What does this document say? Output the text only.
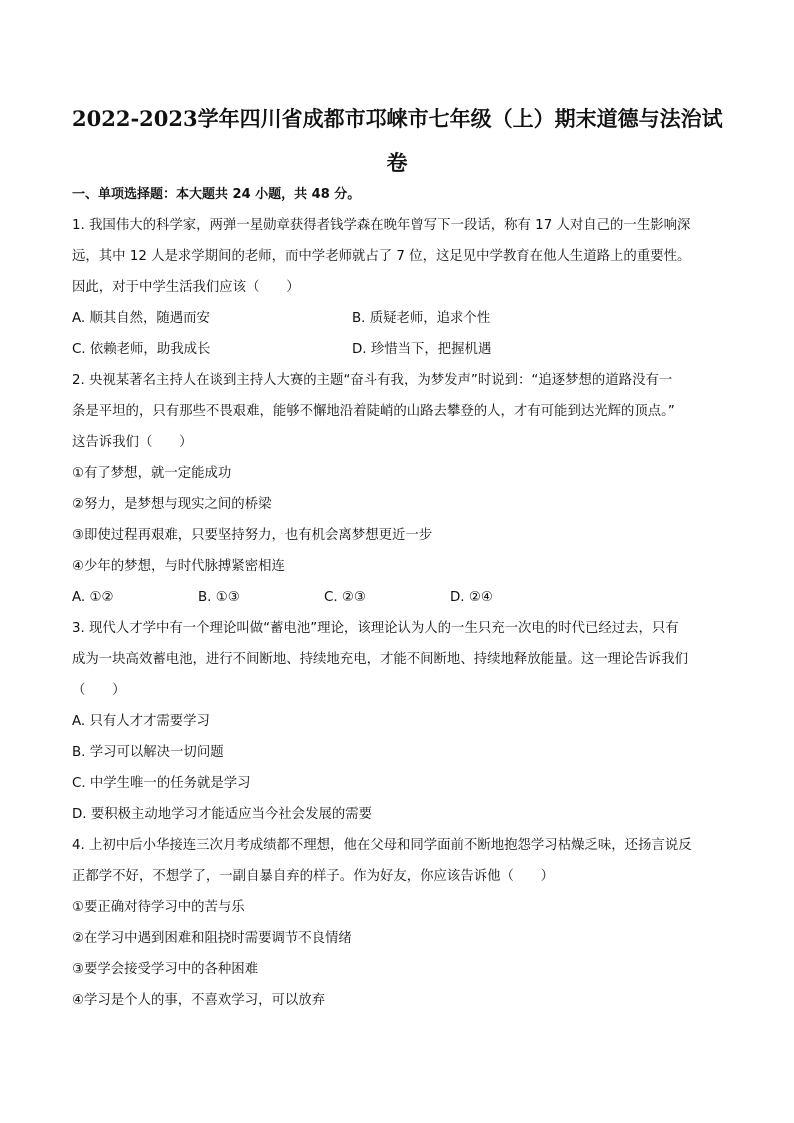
2022-2023学年四川省成都市邛崃市七年级（上）期末道德与法治试
卷
一、单项选择题：本大题共 24 小题，共 48 分。
1. 我国伟大的科学家，两弹一星勋章获得者钱学森在晚年曾写下一段话，称有 17 人对自己的一生影响深
远，其中 12 人是求学期间的老师，而中学老师就占了 7 位，这足见中学教育在他人生道路上的重要性。
因此，对于中学生活我们应该（　　）
A. 顺其自然，随遇而安	B. 质疑老师，追求个性
C. 依赖老师，助我成长	D. 珍惜当下，把握机遇
2. 央视某著名主持人在谈到主持人大赛的主题“奋斗有我，为梦发声”时说到：“追逐梦想的道路没有一
条是平坦的，只有那些不畏艰难，能够不懈地沿着陡峭的山路去攀登的人，才有可能到达光辉的顶点。”
这告诉我们（　　）
①有了梦想，就一定能成功
②努力，是梦想与现实之间的桥梁
③即使过程再艰难，只要坚持努力，也有机会离梦想更近一步
④少年的梦想，与时代脉搏紧密相连
A. ①②	B. ①③	C. ②③	D. ②④
3. 现代人才学中有一个理论叫做“蓄电池”理论，该理论认为人的一生只充一次电的时代已经过去，只有
成为一块高效蓄电池，进行不间断地、持续地充电，才能不间断地、持续地释放能量。这一理论告诉我们
（　　）
A. 只有人才才需要学习
B. 学习可以解决一切问题
C. 中学生唯一的任务就是学习
D. 要积极主动地学习才能适应当今社会发展的需要
4. 上初中后小华接连三次月考成绩都不理想，他在父母和同学面前不断地抱怨学习枯燥乏味，还扬言说反
正都学不好，不想学了，一副自暴自弃的样子。作为好友，你应该告诉他（　　）
①要正确对待学习中的苦与乐
②在学习中遇到困难和阻挠时需要调节不良情绪
③要学会接受学习中的各种困难
④学习是个人的事，不喜欢学习，可以放弃
